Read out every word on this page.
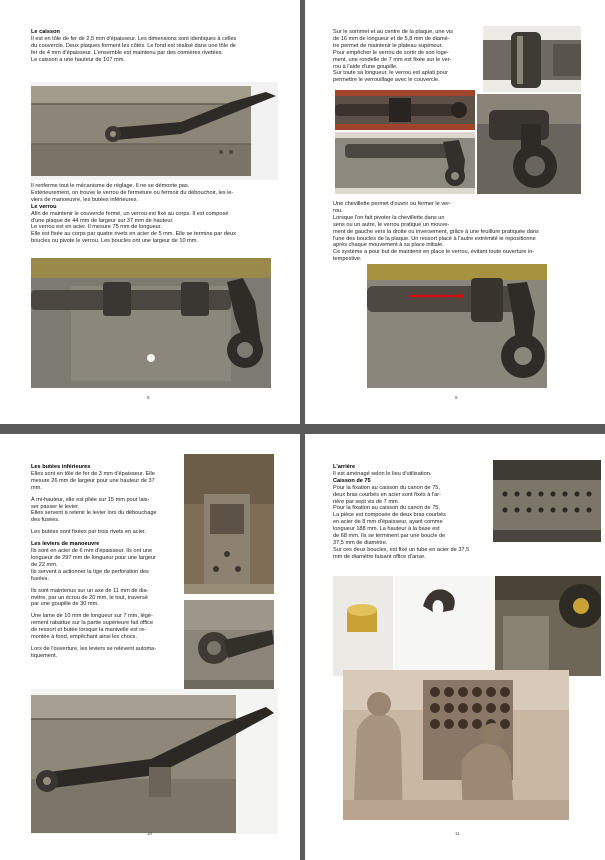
Le caisson

Il est en tôle de fer de 2,5 mm d'épaisseur. Les dimensions sont identiques à celles

du couvercle. Deux plaques forment les côtés. Le fond est réalisé dans une tôle de

fer de 4 mm d'épaisseur. L'ensemble est maintenu par des cornières rivetées.

Le caisson a une hauteur de 107 mm.

Il renferme tout le mécanisme de réglage. Il ne se démonte pas.

Extérieurement, on trouve le verrou de fermeture ou fermoir du débouchoir, les le-

viers de manoeuvre, les butées inférieures.

Le verrou

Afin de maintenir le couvercle fermé, un verrou est fixé au corps. Il est composé

d'une plaque de 44 mm de largeur sur 37 mm de hauteur.

Le verrou est en acier. Il mesure 75 mm de longueur.

Elle est fixée au corps par quatre rivets en acier de 5 mm. Elle se termine par deux

boucles ou pivote le verrou. Les boucles ont une largeur de 10 mm.

8

Sur le sommet et au centre de la plaque, une vis

de 16 mm de longueur et de 5,8 mm de diamè-

tre permet de maintenir le plateau supérieur.

Pour empêcher le verrou de sortir de son loge-

ment, une rondelle de 7 mm est fixée sur le ver-

rou à l'aide d'une goupille.

Sur toute sa longueur, le verrou est aplati pour

permettre le verrouillage avec le couvercle.

Une chevillette permet d'ouvrir ou fermer le ver-

rou.

Lorsque l'on fait pivoter la chevillette dans un

sens ou un autre, le verrou pratique un mouve-

ment de gauche vers la droite ou inversement, grâce à une feuillure pratiquée dans

l'une des boucles de la plaque. Un ressort placé à l'autre extrémité le repositionne

après chaque mouvement à sa place initiale.

Ce système a pour but de maintenir en place le verrou, évitant toute ouverture in-

tempestive.

9

Les butées inférieures

Elles sont en tôle de fer de 3 mm d'épaisseur. Elle

mesure 26 mm de largeur pour une hauteur de 37

mm.

À mi-hauteur, elle est pliée sur 15 mm pour lais-

ser passer le levier.

Elles servent à retenir le levier lors du débouchage

des fusées.

Les butées sont fixées par trois rivets en acier.

Les leviers de manoeuvre

Ils sont en acier de 6 mm d'épaisseur. Ils ont une

longueur de 297 mm de longueur pour une largeur

de 22 mm.

Ils servent à actionner la tige de perforation des

fusées.

Ils sont maintenus sur un axe de 11 mm de dia-

mètre, par un écrou de 20 mm, le tout, traversé

par une goupille de 30 mm.

Une lame de 10 mm de longueur sur 7 mm, légè-

rement rabattue sur la partie supérieure fait office

de ressort et butée lorsque la manivelle est re-

montée à fond, empêchant ainsi les chocs.

Lors de l'ouverture, les leviers se relèvent automa-

tiquement.

10

L'arrière

Il est aménagé selon le lieu d'utilisation.

Caisson de 75

Pour la fixation au caisson du canon de 75,

deux bras courbés en acier sont fixés à l'ar-

rière par sept vis de 7 mm.

Pour la fixation au caisson du canon de 75,

La pièce est composée de deux bras courbés

en acier de 8 mm d'épaisseur, ayant comme

longueur 188 mm. La hauteur à la base est

de 68 mm. Ils se terminent par une boucle de

37,5 mm de diamètre.

Sur ces deux boucles, est fixé un tube en acier de 37,5

mm de diamètre faisant office d'anse.

11
